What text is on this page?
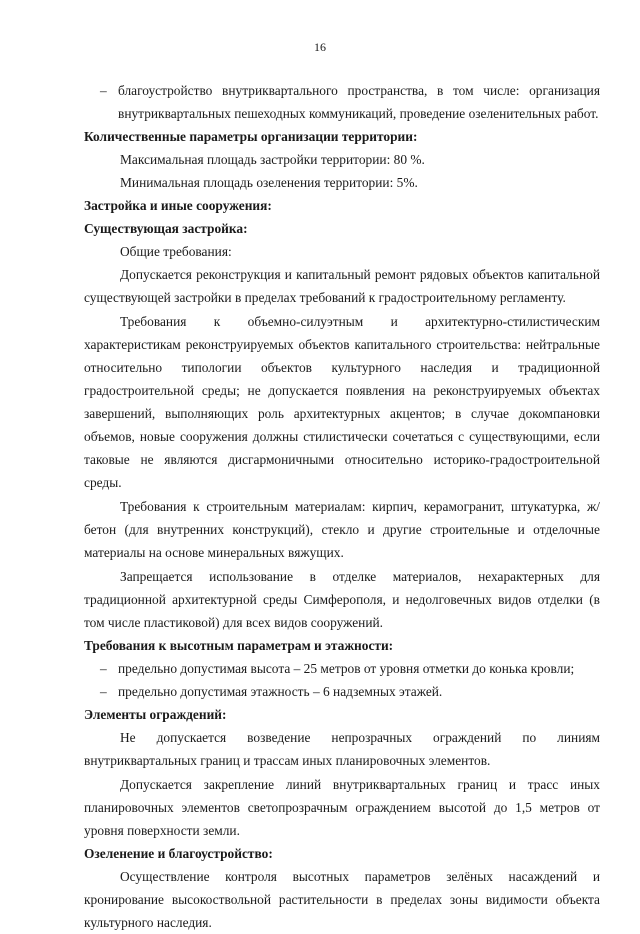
16

– благоустройство внутриквартального пространства, в том числе: организация внутриквартальных пешеходных коммуникаций, проведение озеленительных работ.

Количественные параметры организации территории:

Максимальная площадь застройки территории: 80 %.

Минимальная площадь озеленения территории: 5%.

Застройка и иные сооружения:

Существующая застройка:

Общие требования:

Допускается реконструкция и капитальный ремонт рядовых объектов капитальной существующей застройки в пределах требований к градостроительному регламенту.

Требования к объемно-силуэтным и архитектурно-стилистическим характеристикам реконструируемых объектов капитального строительства: нейтральные относительно типологии объектов культурного наследия и традиционной градостроительной среды; не допускается появления на реконструируемых объектах завершений, выполняющих роль архитектурных акцентов; в случае докомпановки объемов, новые сооружения должны стилистически сочетаться с существующими, если таковые не являются дисгармоничными относительно историко-градостроительной среды.

Требования к строительным материалам: кирпич, керамогранит, штукатурка, ж/бетон (для внутренних конструкций), стекло и другие строительные и отделочные материалы на основе минеральных вяжущих.

Запрещается использование в отделке материалов, нехарактерных для традиционной архитектурной среды Симферополя, и недолговечных видов отделки (в том числе пластиковой) для всех видов сооружений.

Требования к высотным параметрам и этажности:

– предельно допустимая высота – 25 метров от уровня отметки до конька кровли;

– предельно допустимая этажность – 6 надземных этажей.

Элементы ограждений:

Не допускается возведение непрозрачных ограждений по линиям внутриквартальных границ и трассам иных планировочных элементов.

Допускается закрепление линий внутриквартальных границ и трасс иных планировочных элементов светопрозрачным ограждением высотой до 1,5 метров от уровня поверхности земли.

Озеленение и благоустройство:

Осуществление контроля высотных параметров зелёных насаждений и кронирование высокоствольной растительности в пределах зоны видимости объекта культурного наследия.
